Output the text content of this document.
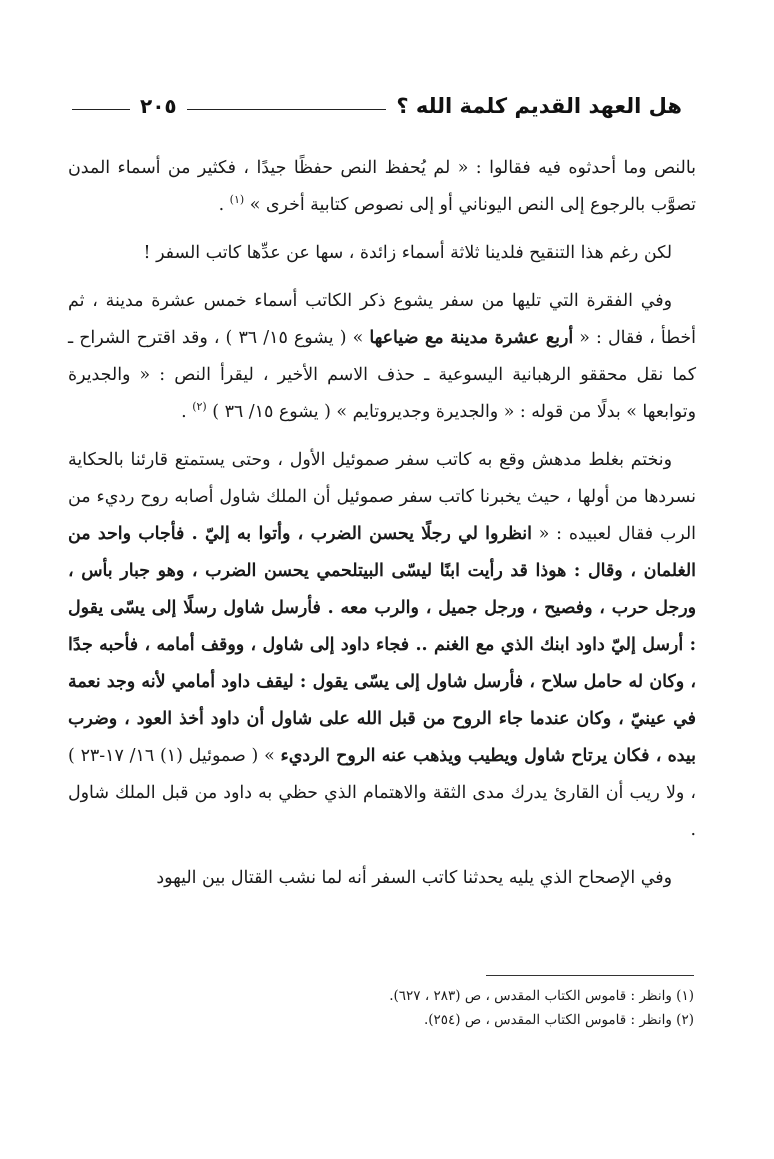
هل العهد القديم كلمة الله ؟
٢٠٥

بالنص وما أحدثوه فيه فقالوا : « لم يُحفظ النص حفظًا جيدًا ، فكثير من أسماء المدن تصوَّب بالرجوع إلى النص اليوناني أو إلى نصوص كتابية أخرى » $^{(١)}$ .

لكن رغم هذا التنقيح فلدينا ثلاثة أسماء زائدة ، سها عن عدِّها كاتب السفر !

وفي الفقرة التي تليها من سفر يشوع ذكر الكاتب أسماء خمس عشرة مدينة ، ثم أخطأ ، فقال : « أربع عشرة مدينة مع ضياعها » ( يشوع ١٥/ ٣٦ ) ، وقد اقترح الشراح ـ كما نقل محققو الرهبانية اليسوعية ـ حذف الاسم الأخير ، ليقرأ النص : « والجديرة وتوابعها » بدلًا من قوله : « والجديرة وجديروتايم » ( يشوع ١٥/ ٣٦ ) $^{(٢)}$ .

ونختم بغلط مدهش وقع به كاتب سفر صموئيل الأول ، وحتى يستمتع قارئنا بالحكاية نسردها من أولها ، حيث يخبرنا كاتب سفر صموئيل أن الملك شاول أصابه روح رديء من الرب فقال لعبيده : « انظروا لي رجلًا يحسن الضرب ، وأتوا به إليّ . فأجاب واحد من الغلمان ، وقال : هوذا قد رأيت ابنًا ليسّى البيتلحمي يحسن الضرب ، وهو جبار بأس ، ورجل حرب ، وفصيح ، ورجل جميل ، والرب معه . فأرسل شاول رسلًا إلى يسّى يقول : أرسل إليّ داود ابنك الذي مع الغنم .. فجاء داود إلى شاول ، ووقف أمامه ، فأحبه جدًا ، وكان له حامل سلاح ، فأرسل شاول إلى يسّى يقول : ليقف داود أمامي لأنه وجد نعمة في عينيّ ، وكان عندما جاء الروح من قبل الله على شاول أن داود أخذ العود ، وضرب بيده ، فكان يرتاح شاول ويطيب ويذهب عنه الروح الرديء » ( صموئيل (١) ١٦/ ١٧-٢٣ ) ، ولا ريب أن القارئ يدرك مدى الثقة والاهتمام الذي حظي به داود من قبل الملك شاول .

وفي الإصحاح الذي يليه يحدثنا كاتب السفر أنه لما نشب القتال بين اليهود

(١) وانظر : قاموس الكتاب المقدس ، ص (٢٨٣ ، ٦٢٧).

(٢) وانظر : قاموس الكتاب المقدس ، ص (٢٥٤).
